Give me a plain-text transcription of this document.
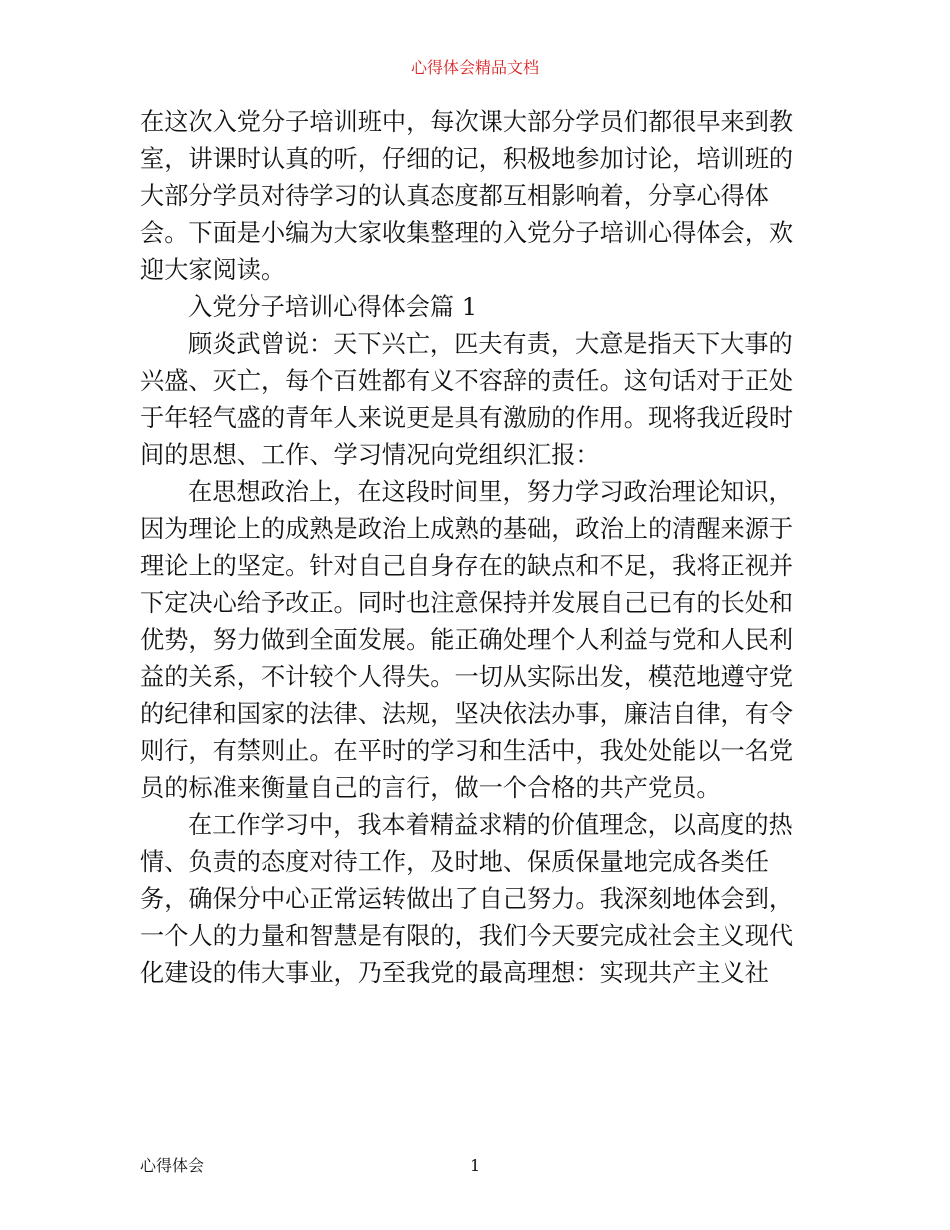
心得体会精品文档
在这次入党分子培训班中，每次课大部分学员们都很早来到教
室，讲课时认真的听，仔细的记，积极地参加讨论，培训班的
大部分学员对待学习的认真态度都互相影响着，分享心得体
会。下面是小编为大家收集整理的入党分子培训心得体会，欢
迎大家阅读。
入党分子培训心得体会篇 1
顾炎武曾说：天下兴亡，匹夫有责，大意是指天下大事的
兴盛、灭亡，每个百姓都有义不容辞的责任。这句话对于正处
于年轻气盛的青年人来说更是具有激励的作用。现将我近段时
间的思想、工作、学习情况向党组织汇报：
在思想政治上，在这段时间里，努力学习政治理论知识，
因为理论上的成熟是政治上成熟的基础，政治上的清醒来源于
理论上的坚定。针对自己自身存在的缺点和不足，我将正视并
下定决心给予改正。同时也注意保持并发展自己已有的长处和
优势，努力做到全面发展。能正确处理个人利益与党和人民利
益的关系，不计较个人得失。一切从实际出发，模范地遵守党
的纪律和国家的法律、法规，坚决依法办事，廉洁自律，有令
则行，有禁则止。在平时的学习和生活中，我处处能以一名党
员的标准来衡量自己的言行，做一个合格的共产党员。
在工作学习中，我本着精益求精的价值理念，以高度的热
情、负责的态度对待工作，及时地、保质保量地完成各类任
务，确保分中心正常运转做出了自己努力。我深刻地体会到，
一个人的力量和智慧是有限的，我们今天要完成社会主义现代
化建设的伟大事业，乃至我党的最高理想：实现共产主义社
心得体会	1
